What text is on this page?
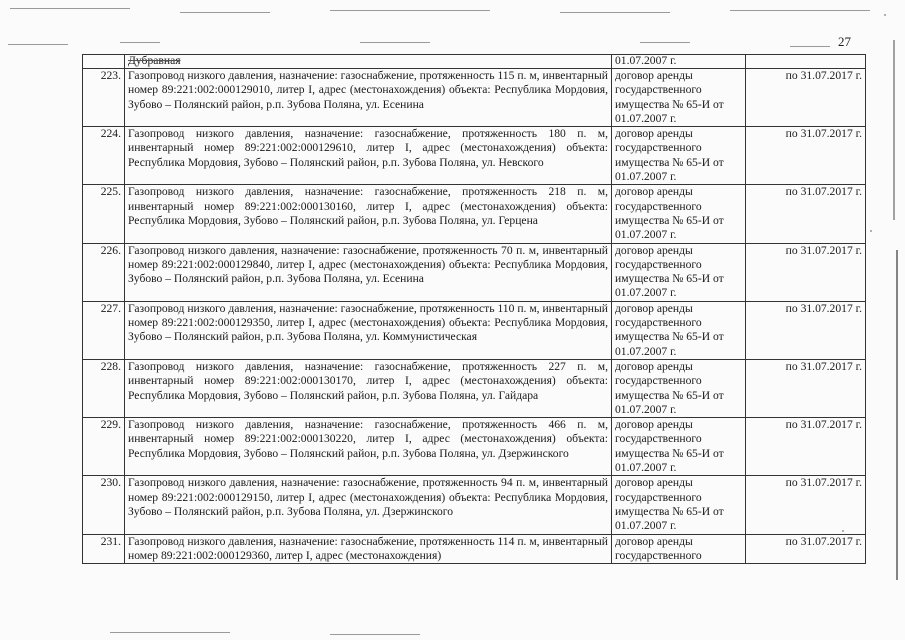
27
	Дубравная	01.07.2007 г.	
223.	Газопровод низкого давления, назначение: газоснабжение, протяженность 115 п. м, инвентарный номер 89:221:002:000129010, литер I, адрес (местонахождения) объекта: Республика Мордовия, Зубово – Полянский район, р.п. Зубова Поляна, ул. Есенина	договор аренды государственного имущества № 65-И от 01.07.2007 г.	по 31.07.2017 г.
224.	Газопровод низкого давления, назначение: газоснабжение, протяженность 180 п. м, инвентарный номер 89:221:002:000129610, литер I, адрес (местонахождения) объекта: Республика Мордовия, Зубово – Полянский район, р.п. Зубова Поляна, ул. Невского	договор аренды государственного имущества № 65-И от 01.07.2007 г.	по 31.07.2017 г.
225.	Газопровод низкого давления, назначение: газоснабжение, протяженность 218 п. м, инвентарный номер 89:221:002:000130160, литер I, адрес (местонахождения) объекта: Республика Мордовия, Зубово – Полянский район, р.п. Зубова Поляна, ул. Герцена	договор аренды государственного имущества № 65-И от 01.07.2007 г.	по 31.07.2017 г.
226.	Газопровод низкого давления, назначение: газоснабжение, протяженность 70 п. м, инвентарный номер 89:221:002:000129840, литер I, адрес (местонахождения) объекта: Республика Мордовия, Зубово – Полянский район, р.п. Зубова Поляна, ул. Есенина	договор аренды государственного имущества № 65-И от 01.07.2007 г.	по 31.07.2017 г.
227.	Газопровод низкого давления, назначение: газоснабжение, протяженность 110 п. м, инвентарный номер 89:221:002:000129350, литер I, адрес (местонахождения) объекта: Республика Мордовия, Зубово – Полянский район, р.п. Зубова Поляна, ул. Коммунистическая	договор аренды государственного имущества № 65-И от 01.07.2007 г.	по 31.07.2017 г.
228.	Газопровод низкого давления, назначение: газоснабжение, протяженность 227 п. м, инвентарный номер 89:221:002:000130170, литер I, адрес (местонахождения) объекта: Республика Мордовия, Зубово – Полянский район, р.п. Зубова Поляна, ул. Гайдара	договор аренды государственного имущества № 65-И от 01.07.2007 г.	по 31.07.2017 г.
229.	Газопровод низкого давления, назначение: газоснабжение, протяженность 466 п. м, инвентарный номер 89:221:002:000130220, литер I, адрес (местонахождения) объекта: Республика Мордовия, Зубово – Полянский район, р.п. Зубова Поляна, ул. Дзержинского	договор аренды государственного имущества № 65-И от 01.07.2007 г.	по 31.07.2017 г.
230.	Газопровод низкого давления, назначение: газоснабжение, протяженность 94 п. м, инвентарный номер 89:221:002:000129150, литер I, адрес (местонахождения) объекта: Республика Мордовия, Зубово – Полянский район, р.п. Зубова Поляна, ул. Дзержинского	договор аренды государственного имущества № 65-И от 01.07.2007 г.	по 31.07.2017 г.
231.	Газопровод низкого давления, назначение: газоснабжение, протяженность 114 п. м, инвентарный номер 89:221:002:000129360, литер I, адрес (местонахождения)	договор аренды государственного	по 31.07.2017 г.
